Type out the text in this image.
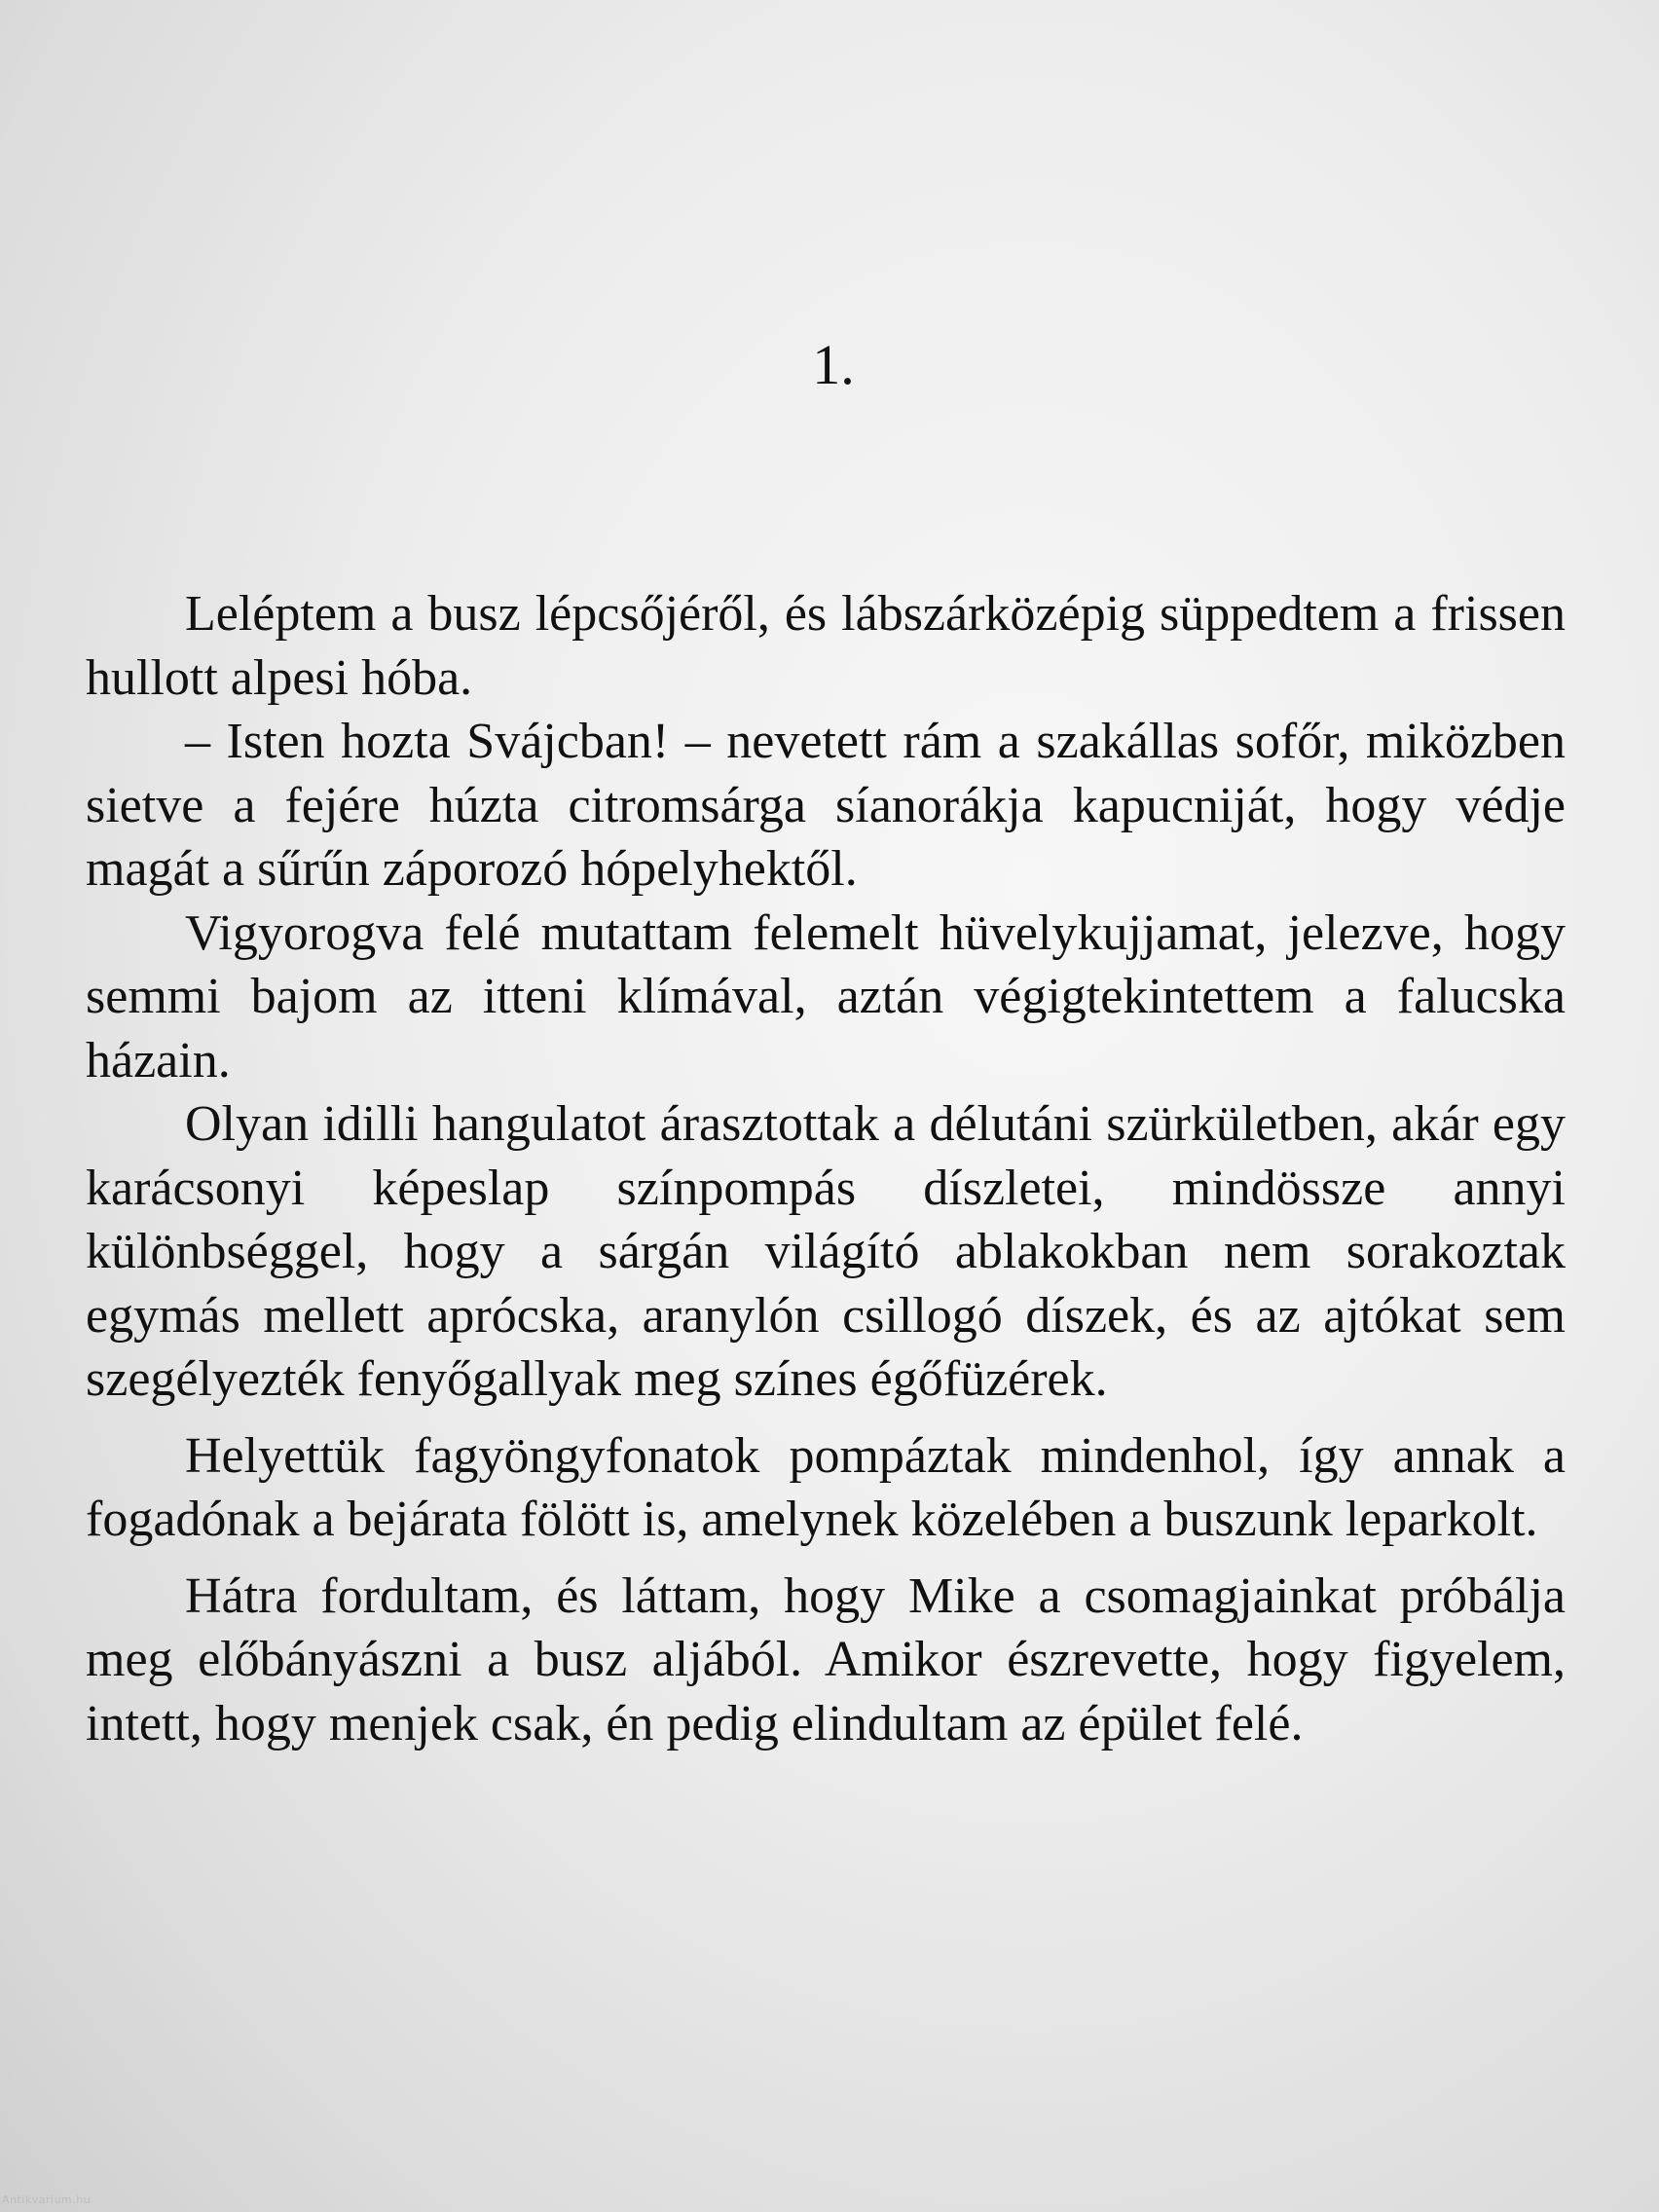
1.

Leléptem a busz lépcsőjéről, és lábszárközépig süppedtem a frissen hullott alpesi hóba.

– Isten hozta Svájcban! – nevetett rám a szakállas sofőr, miközben sietve a fejére húzta citromsárga síanorákja kapucniját, hogy védje magát a sűrűn záporozó hópelyhektől.

Vigyorogva felé mutattam felemelt hüvelykujjamat, jelezve, hogy semmi bajom az itteni klímával, aztán végigtekintettem a falucska házain.

Olyan idilli hangulatot árasztottak a délutáni szürkületben, akár egy karácsonyi képeslap színpompás díszletei, mindössze annyi különbséggel, hogy a sárgán világító ablakokban nem sorakoztak egymás mellett aprócska, aranylón csillogó díszek, és az ajtókat sem szegélyezték fenyőgallyak meg színes égőfüzérek.

Helyettük fagyöngyfonatok pompáztak mindenhol, így annak a fogadónak a bejárata fölött is, amelynek közelében a buszunk leparkolt.

Hátra fordultam, és láttam, hogy Mike a csomagjainkat próbálja meg előbányászni a busz aljából. Amikor észrevette, hogy figyelem, intett, hogy menjek csak, én pedig elindultam az épület felé.

Antikvarium.hu
